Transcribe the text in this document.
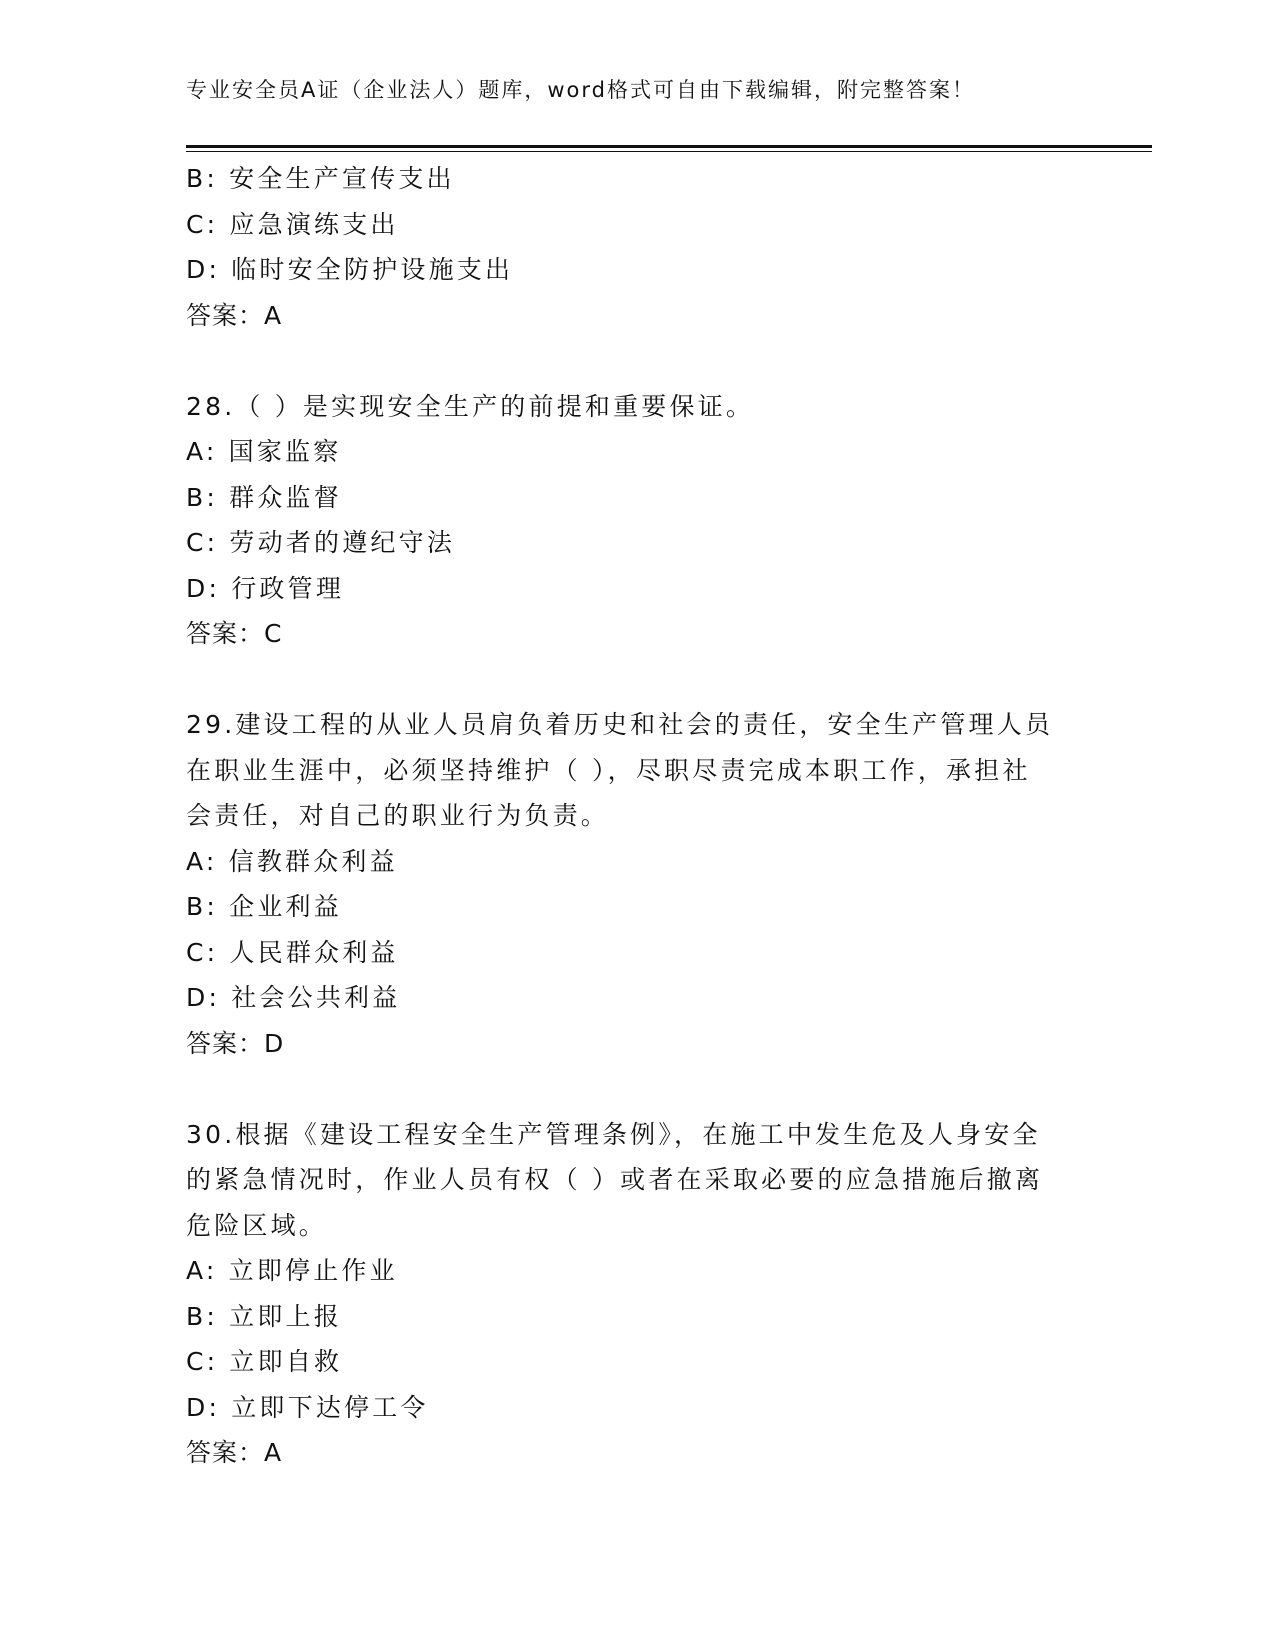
专业安全员A证（企业法人）题库，word格式可自由下载编辑，附完整答案！
B: 安全生产宣传支出
C: 应急演练支出
D: 临时安全防护设施支出
答案：A
28.（ ）是实现安全生产的前提和重要保证。
A: 国家监察
B: 群众监督
C: 劳动者的遵纪守法
D: 行政管理
答案：C
29.建设工程的从业人员肩负着历史和社会的责任，安全生产管理人员
在职业生涯中，必须坚持维护（ ），尽职尽责完成本职工作，承担社
会责任，对自己的职业行为负责。
A: 信教群众利益
B: 企业利益
C: 人民群众利益
D: 社会公共利益
答案：D
30.根据《建设工程安全生产管理条例》，在施工中发生危及人身安全
的紧急情况时，作业人员有权（ ）或者在采取必要的应急措施后撤离
危险区域。
A: 立即停止作业
B: 立即上报
C: 立即自救
D: 立即下达停工令
答案：A
